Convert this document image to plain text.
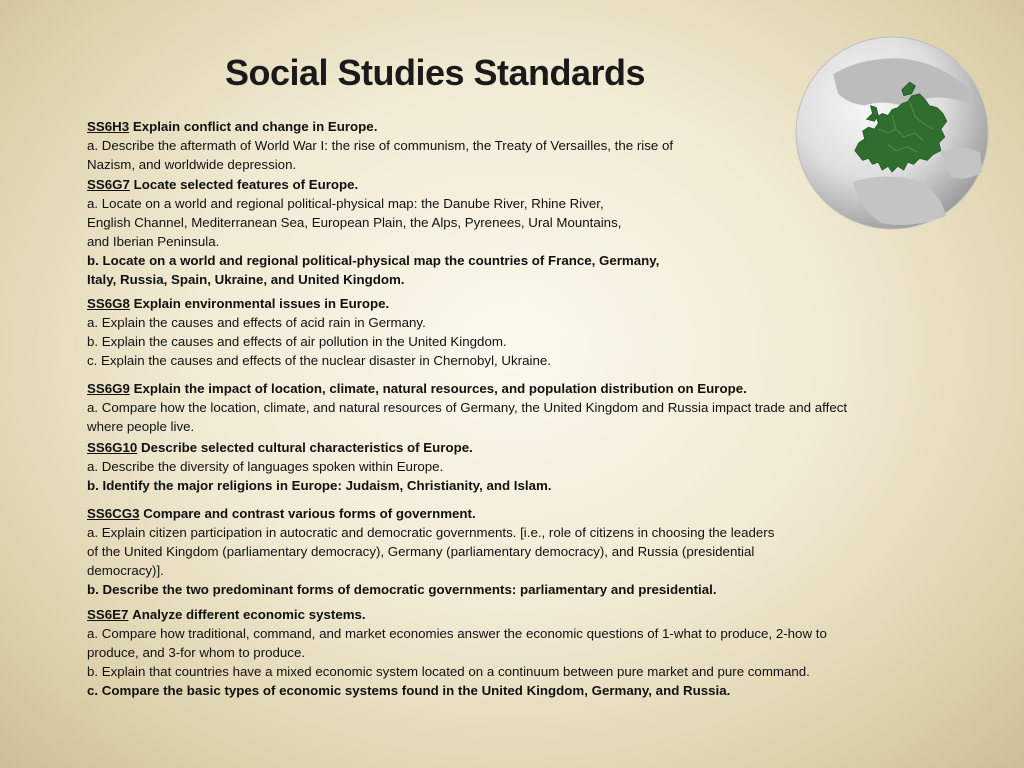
Social Studies Standards

SS6H3 Explain conflict and change in Europe.

a. Describe the aftermath of World War I: the rise of communism, the Treaty of Versailles, the rise of

Nazism, and worldwide depression.

SS6G7 Locate selected features of Europe.

a. Locate on a world and regional political-physical map: the Danube River, Rhine River,

English Channel, Mediterranean Sea, European Plain, the Alps, Pyrenees, Ural Mountains,

and Iberian Peninsula.

b. Locate on a world and regional political-physical map the countries of France, Germany,

Italy, Russia, Spain, Ukraine, and United Kingdom.

SS6G8 Explain environmental issues in Europe.

a. Explain the causes and effects of acid rain in Germany.

b. Explain the causes and effects of air pollution in the United Kingdom.

c. Explain the causes and effects of the nuclear disaster in Chernobyl, Ukraine.

SS6G9 Explain the impact of location, climate, natural resources, and population distribution on Europe.

a. Compare how the location, climate, and natural resources of Germany, the United Kingdom and Russia impact trade and affect

where people live.

SS6G10 Describe selected cultural characteristics of Europe.

a. Describe the diversity of languages spoken within Europe.

b. Identify the major religions in Europe: Judaism, Christianity, and Islam.

SS6CG3 Compare and contrast various forms of government.

a. Explain citizen participation in autocratic and democratic governments. [i.e., role of citizens in choosing the leaders

of the United Kingdom (parliamentary democracy), Germany (parliamentary democracy), and Russia (presidential

democracy)].

b. Describe the two predominant forms of democratic governments: parliamentary and presidential.

SS6E7 Analyze different economic systems.

a. Compare how traditional, command, and market economies answer the economic questions of 1-what to produce, 2-how to

produce, and 3-for whom to produce.

b. Explain that countries have a mixed economic system located on a continuum between pure market and pure command.

c. Compare the basic types of economic systems found in the United Kingdom, Germany, and Russia.
